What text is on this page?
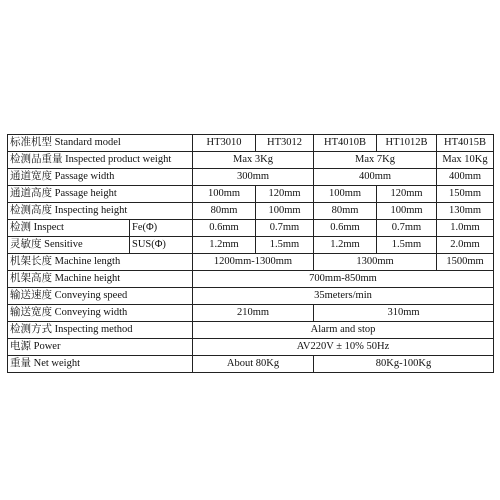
标准机型 Standard model		HT3010	HT3012	HT4010B	HT1012B	HT4015B
检测品重量 Inspected product weight		Max 3Kg		Max 7Kg		Max 10Kg
通道宽度 Passage width		300mm		400mm		400mm
通道高度 Passage height		100mm	120mm	100mm	120mm	150mm
检测高度 Inspecting height		80mm	100mm	80mm	100mm	130mm
检测 Inspect	Fe(Φ)	0.6mm	0.7mm	0.6mm	0.7mm	1.0mm
灵敏度 Sensitive	SUS(Φ)	1.2mm	1.5mm	1.2mm	1.5mm	2.0mm
机架长度 Machine length		1200mm-1300mm		1300mm		1500mm
机架高度 Machine height		700mm-850mm				
输送速度 Conveying speed		35meters/min				
输送宽度 Conveying width		210mm		310mm		
检测方式 Inspecting method		Alarm and stop				
电源 Power		AV220V ± 10% 50Hz				
重量 Net weight		About 80Kg		80Kg-100Kg		
